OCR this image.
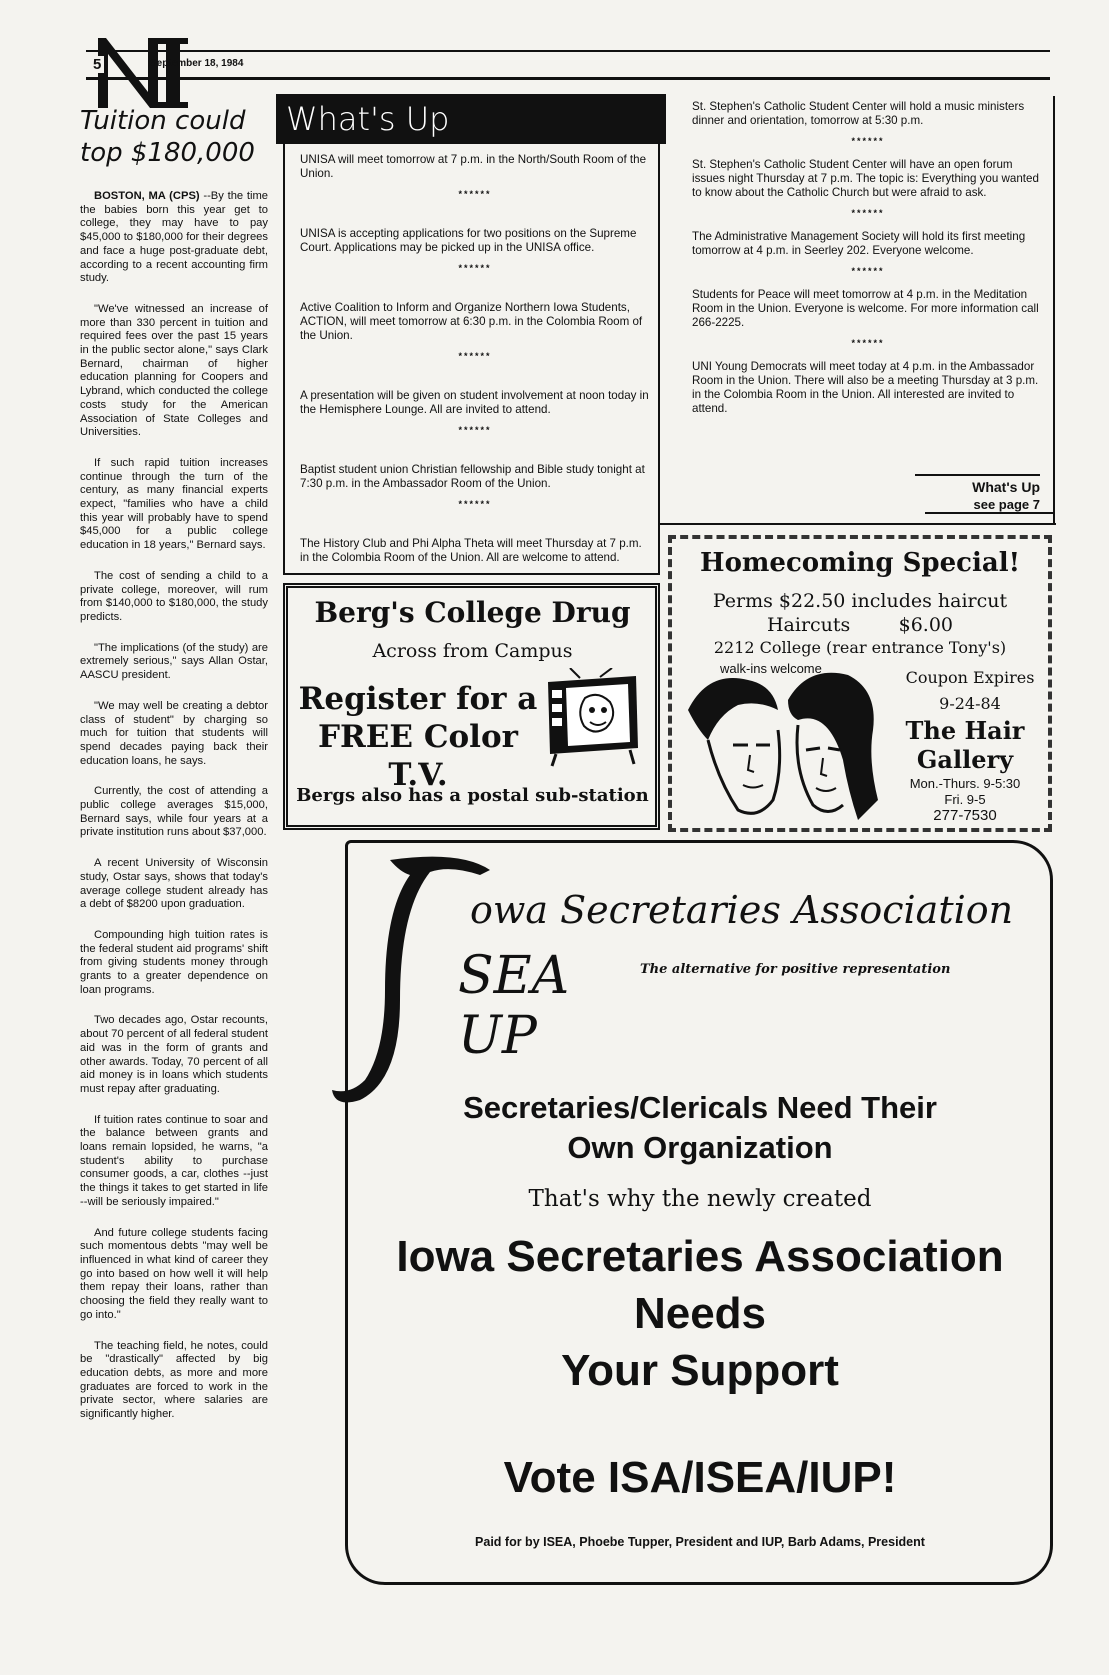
5	September 18, 1984
Tuition could top $180,000

BOSTON, MA (CPS) --By the time the babies born this year get to college, they may have to pay $45,000 to $180,000 for their degrees and face a huge post-graduate debt, according to a recent accounting firm study.

"We've witnessed an increase of more than 330 percent in tuition and required fees over the past 15 years in the public sector alone," says Clark Bernard, chairman of higher education planning for Coopers and Lybrand, which conducted the college costs study for the American Association of State Colleges and Universities.

If such rapid tuition increases continue through the turn of the century, as many financial experts expect, "families who have a child this year will probably have to spend $45,000 for a public college education in 18 years," Bernard says.

The cost of sending a child to a private college, moreover, will rum from $140,000 to $180,000, the study predicts.

"The implications (of the study) are extremely serious," says Allan Ostar, AASCU president.

"We may well be creating a debtor class of student" by charging so much for tuition that students will spend decades paying back their education loans, he says.

Currently, the cost of attending a public college averages $15,000, Bernard says, while four years at a private institution runs about $37,000.

A recent University of Wisconsin study, Ostar says, shows that today's average college student already has a debt of $8200 upon graduation.

Compounding high tuition rates is the federal student aid programs' shift from giving students money through grants to a greater dependence on loan programs.

Two decades ago, Ostar recounts, about 70 percent of all federal student aid was in the form of grants and other awards. Today, 70 percent of all aid money is in loans which students must repay after graduating.

If tuition rates continue to soar and the balance between grants and loans remain lopsided, he warns, "a student's ability to purchase consumer goods, a car, clothes --just the things it takes to get started in life --will be seriously impaired."

And future college students facing such momentous debts "may well be influenced in what kind of career they go into based on how well it will help them repay their loans, rather than choosing the field they really want to go into."

The teaching field, he notes, could be "drastically" affected by big education debts, as more and more graduates are forced to work in the private sector, where salaries are significantly higher.

What's Up

UNISA will meet tomorrow at 7 p.m. in the North/South Room of the Union.

******

UNISA is accepting applications for two positions on the Supreme Court. Applications may be picked up in the UNISA office.

******

Active Coalition to Inform and Organize Northern Iowa Students, ACTION, will meet tomorrow at 6:30 p.m. in the Colombia Room of the Union.

******

A presentation will be given on student involvement at noon today in the Hemisphere Lounge. All are invited to attend.

******

Baptist student union Christian fellowship and Bible study tonight at 7:30 p.m. in the Ambassador Room of the Union.

******

The History Club and Phi Alpha Theta will meet Thursday at 7 p.m. in the Colombia Room of the Union. All are welcome to attend.

St. Stephen's Catholic Student Center will hold a music ministers dinner and orientation, tomorrow at 5:30 p.m.

******

St. Stephen's Catholic Student Center will have an open forum issues night Thursday at 7 p.m. The topic is: Everything you wanted to know about the Catholic Church but were afraid to ask.

******

The Administrative Management Society will hold its first meeting tomorrow at 4 p.m. in Seerley 202. Everyone welcome.

******

Students for Peace will meet tomorrow at 4 p.m. in the Meditation Room in the Union. Everyone is welcome. For more information call 266-2225.

******

UNI Young Democrats will meet today at 4 p.m. in the Ambassador Room in the Union. There will also be a meeting Thursday at 3 p.m. in the Colombia Room in the Union. All interested are invited to attend.

What's Up
see page 7
Berg's College Drug
Across from Campus
Register for a
FREE Color T.V.
Bergs also has a postal sub-station
Homecoming Special!
Perms $22.50 includes haircut
Haircuts        $6.00
2212 College (rear entrance Tony's)
walk-ins welcome	Coupon Expires
9-24-84
The Hair
Gallery
Mon.-Thurs. 9-5:30
Fri. 9-5
277-7530
owa Secretaries Association
SEA
UP
The alternative for positive representation
Secretaries/Clericals Need Their
Own Organization
That's why the newly created
Iowa Secretaries Association
Needs
Your Support
Vote ISA/ISEA/IUP!
Paid for by ISEA, Phoebe Tupper, President and IUP, Barb Adams, President
